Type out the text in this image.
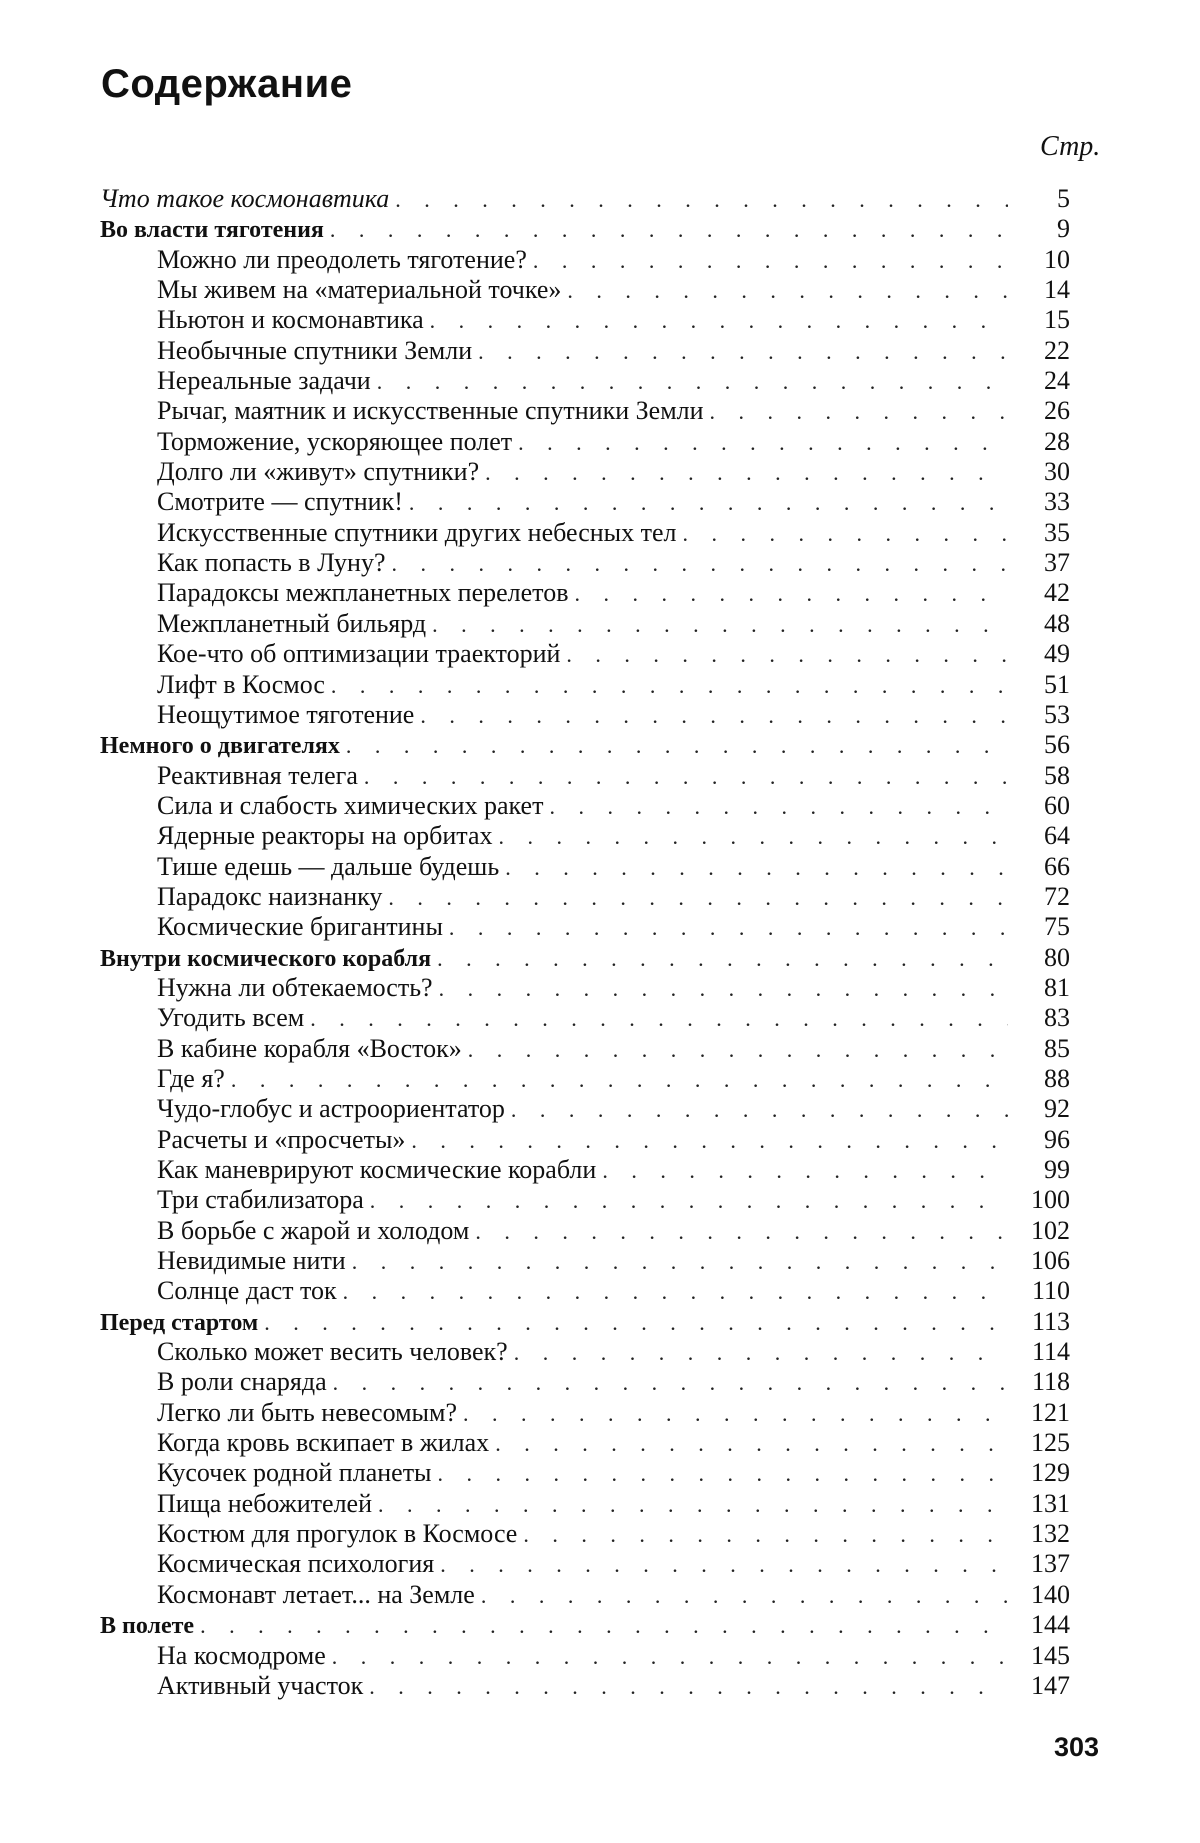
Содержание
Стр.
Что такое космонавтика . . .	5
Во власти тяготения . . .	9
Можно ли преодолеть тяготение? . . .	10
Мы живем на «материальной точке» . . .	14
Ньютон и космонавтика . . .	15
Необычные спутники Земли . . .	22
Нереальные задачи . . .	24
Рычаг, маятник и искусственные спутники Земли . . .	26
Торможение, ускоряющее полет . . .	28
Долго ли «живут» спутники? . . .	30
Смотрите — спутник! . . .	33
Искусственные спутники других небесных тел . . .	35
Как попасть в Луну? . . .	37
Парадоксы межпланетных перелетов . . .	42
Межпланетный бильярд . . .	48
Кое-что об оптимизации траекторий . . .	49
Лифт в Космос . . .	51
Неощутимое тяготение . . .	53
Немного о двигателях . . .	56
Реактивная телега . . .	58
Сила и слабость химических ракет . . .	60
Ядерные реакторы на орбитах . . .	64
Тише едешь — дальше будешь . . .	66
Парадокс наизнанку . . .	72
Космические бригантины . . .	75
Внутри космического корабля . . .	80
Нужна ли обтекаемость? . . .	81
Угодить всем . . .	83
В кабине корабля «Восток» . . .	85
Где я? . . .	88
Чудо-глобус и астроориентатор . . .	92
Расчеты и «просчеты» . . .	96
Как маневрируют космические корабли . . .	99
Три стабилизатора . . .	100
В борьбе с жарой и холодом . . .	102
Невидимые нити . . .	106
Солнце даст ток . . .	110
Перед стартом . . .	113
Сколько может весить человек? . . .	114
В роли снаряда . . .	118
Легко ли быть невесомым? . . .	121
Когда кровь вскипает в жилах . . .	125
Кусочек родной планеты . . .	129
Пища небожителей . . .	131
Костюм для прогулок в Космосе . . .	132
Космическая психология . . .	137
Космонавт летает... на Земле . . .	140
В полете . . .	144
На космодроме . . .	145
Активный участок . . .	147
303
